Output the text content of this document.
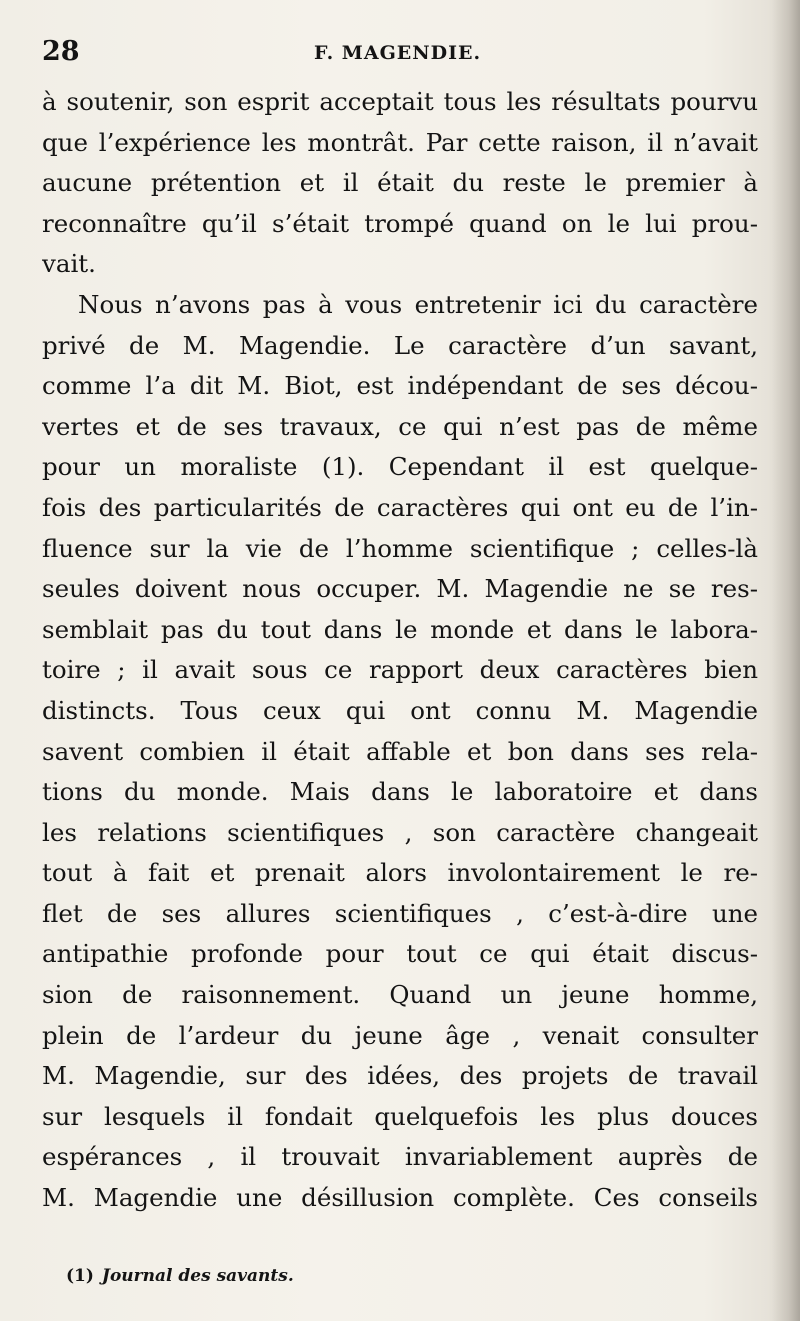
28	F. MAGENDIE.
à soutenir, son esprit acceptait tous les résultats pourvu
que l’expérience les montrât. Par cette raison, il n’avait
aucune prétention et il était du reste le premier à
reconnaître qu’il s’était trompé quand on le lui prou-
vait.
Nous n’avons pas à vous entretenir ici du caractère
privé de M. Magendie. Le caractère d’un savant,
comme l’a dit M. Biot, est indépendant de ses décou-
vertes et de ses travaux, ce qui n’est pas de même
pour un moraliste (1). Cependant il est quelque-
fois des particularités de caractères qui ont eu de l’in-
fluence sur la vie de l’homme scientifique ; celles-là
seules doivent nous occuper. M. Magendie ne se res-
semblait pas du tout dans le monde et dans le labora-
toire ; il avait sous ce rapport deux caractères bien
distincts. Tous ceux qui ont connu M. Magendie
savent combien il était affable et bon dans ses rela-
tions du monde. Mais dans le laboratoire et dans
les relations scientifiques , son caractère changeait
tout à fait et prenait alors involontairement le re-
flet de ses allures scientifiques , c’est-à-dire une
antipathie profonde pour tout ce qui était discus-
sion de raisonnement. Quand un jeune homme,
plein de l’ardeur du jeune âge , venait consulter
M. Magendie, sur des idées, des projets de travail
sur lesquels il fondait quelquefois les plus douces
espérances , il trouvait invariablement auprès de
M. Magendie une désillusion complète. Ces conseils
(1) Journal des savants.
